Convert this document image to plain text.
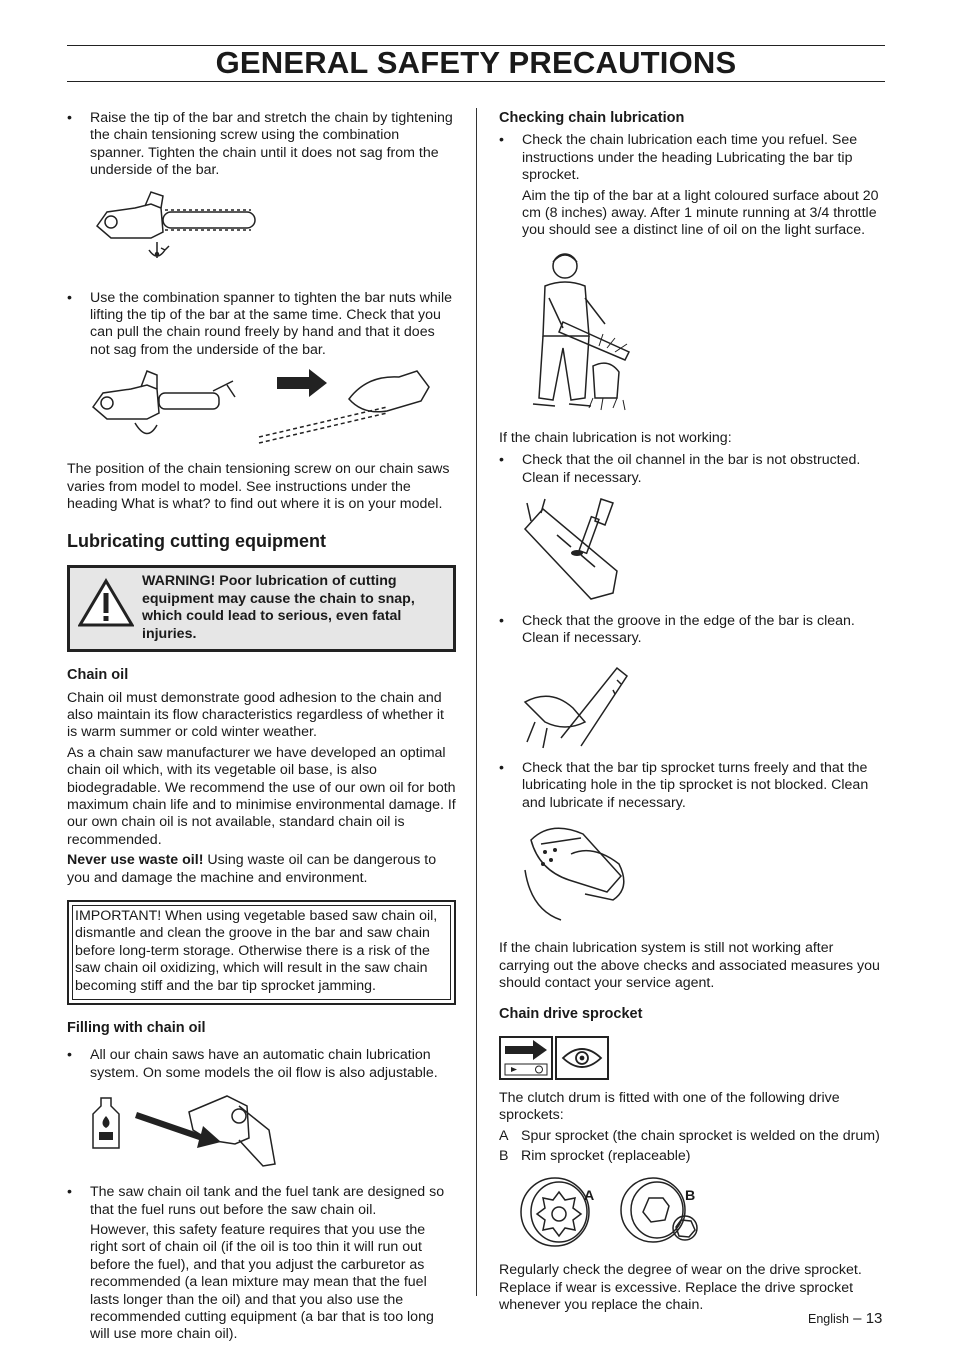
GENERAL SAFETY PRECAUTIONS

• Raise the tip of the bar and stretch the chain by tightening the chain tensioning screw using the combination spanner. Tighten the chain until it does not sag from the underside of the bar.

• Use the combination spanner to tighten the bar nuts while lifting the tip of the bar at the same time. Check that you can pull the chain round freely by hand and that it does not sag from the underside of the bar.

The position of the chain tensioning screw on our chain saws varies from model to model. See instructions under the heading What is what? to find out where it is on your model.

Lubricating cutting equipment

WARNING! Poor lubrication of cutting equipment may cause the chain to snap, which could lead to serious, even fatal injuries.

Chain oil

Chain oil must demonstrate good adhesion to the chain and also maintain its flow characteristics regardless of whether it is warm summer or cold winter weather.

As a chain saw manufacturer we have developed an optimal chain oil which, with its vegetable oil base, is also biodegradable. We recommend the use of our own oil for both maximum chain life and to minimise environmental damage. If our own chain oil is not available, standard chain oil is recommended.

Never use waste oil! Using waste oil can be dangerous to you and damage the machine and environment.

IMPORTANT! When using vegetable based saw chain oil, dismantle and clean the groove in the bar and saw chain before long-term storage. Otherwise there is a risk of the saw chain oil oxidizing, which will result in the saw chain becoming stiff and the bar tip sprocket jamming.

Filling with chain oil

• All our chain saws have an automatic chain lubrication system. On some models the oil flow is also adjustable.

• The saw chain oil tank and the fuel tank are designed so that the fuel runs out before the saw chain oil.

However, this safety feature requires that you use the right sort of chain oil (if the oil is too thin it will run out before the fuel), and that you adjust the carburetor as recommended (a lean mixture may mean that the fuel lasts longer than the oil) and that you also use the recommended cutting equipment (a bar that is too long will use more chain oil).

Checking chain lubrication

• Check the chain lubrication each time you refuel. See instructions under the heading Lubricating the bar tip sprocket.

Aim the tip of the bar at a light coloured surface about 20 cm (8 inches) away. After 1 minute running at 3/4 throttle you should see a distinct line of oil on the light surface.

If the chain lubrication is not working:

• Check that the oil channel in the bar is not obstructed. Clean if necessary.

• Check that the groove in the edge of the bar is clean. Clean if necessary.

• Check that the bar tip sprocket turns freely and that the lubricating hole in the tip sprocket is not blocked. Clean and lubricate if necessary.

If the chain lubrication system is still not working after carrying out the above checks and associated measures you should contact your service agent.

Chain drive sprocket

The clutch drum is fitted with one of the following drive sprockets:

A Spur sprocket (the chain sprocket is welded on the drum)
B Rim sprocket (replaceable)
A	B

Regularly check the degree of wear on the drive sprocket. Replace if wear is excessive. Replace the drive sprocket whenever you replace the chain.

English – 13
